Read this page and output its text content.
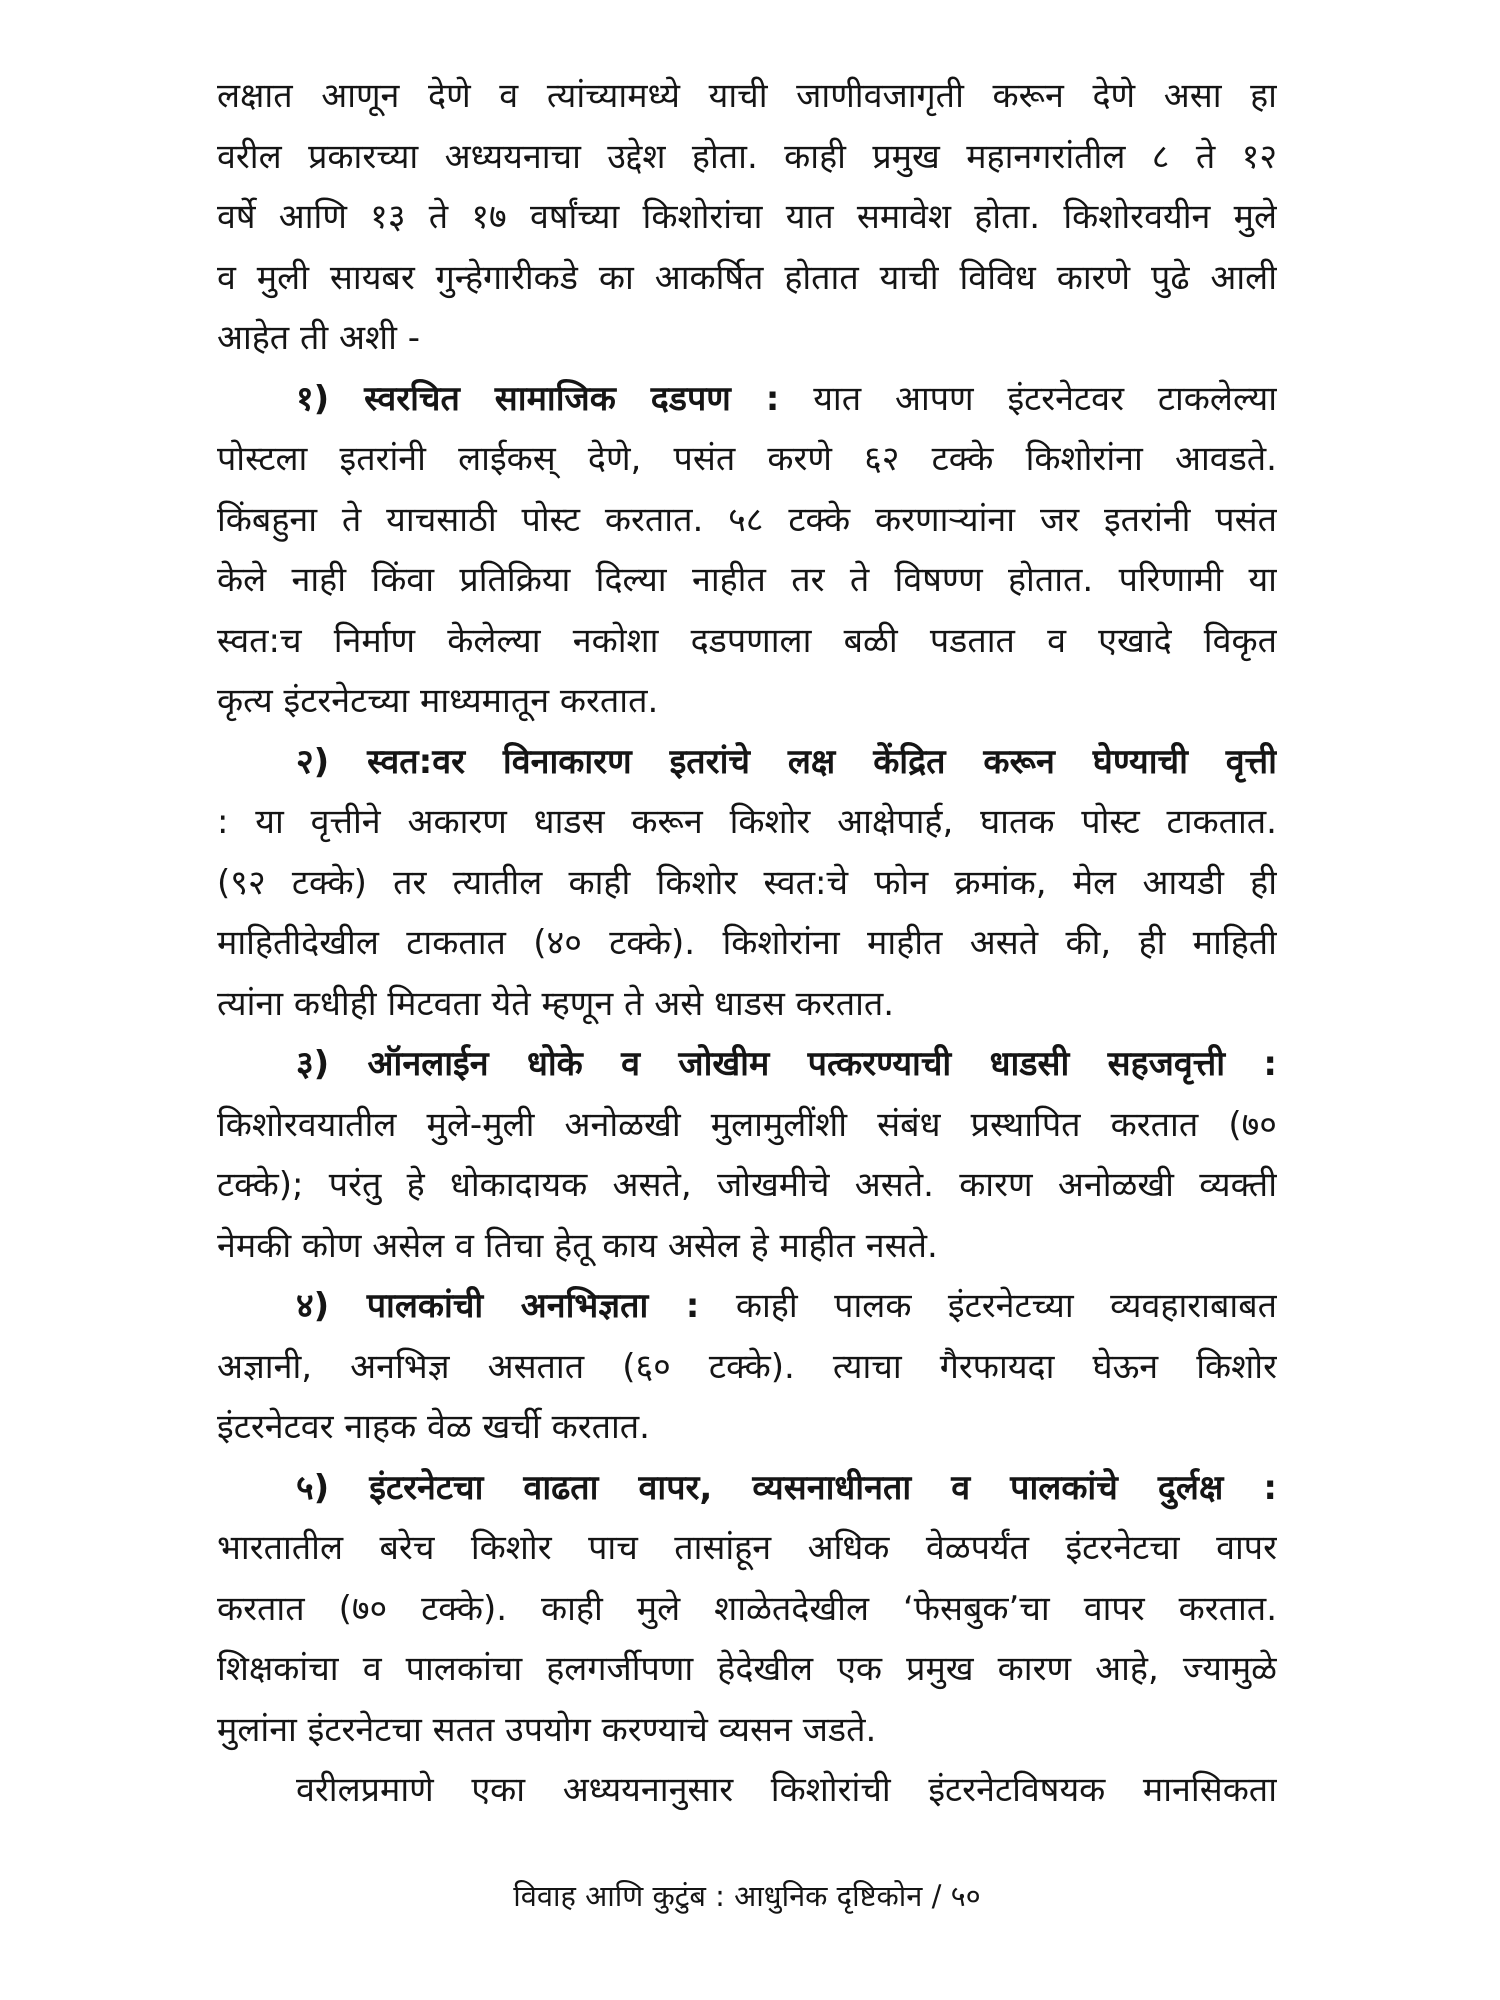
लक्षात आणून देणे व त्यांच्यामध्ये याची जाणीवजागृती करून देणे असा हा
वरील प्रकारच्या अध्ययनाचा उद्देश होता. काही प्रमुख महानगरांतील ८ ते १२
वर्षे आणि १३ ते १७ वर्षांच्या किशोरांचा यात समावेश होता. किशोरवयीन मुले
व मुली सायबर गुन्हेगारीकडे का आकर्षित होतात याची विविध कारणे पुढे आली
आहेत ती अशी -
१) स्वरचित सामाजिक दडपण : यात आपण इंटरनेटवर टाकलेल्या
पोस्टला इतरांनी लाईकस् देणे, पसंत करणे ६२ टक्के किशोरांना आवडते.
किंबहुना ते याचसाठी पोस्ट करतात. ५८ टक्के करणाऱ्यांना जर इतरांनी पसंत
केले नाही किंवा प्रतिक्रिया दिल्या नाहीत तर ते विषण्ण होतात. परिणामी या
स्वत:च निर्माण केलेल्या नकोशा दडपणाला बळी पडतात व एखादे विकृत
कृत्य इंटरनेटच्या माध्यमातून करतात.
२) स्वत:वर विनाकारण इतरांचे लक्ष केंद्रित करून घेण्याची वृत्ती
: या वृत्तीने अकारण धाडस करून किशोर आक्षेपार्ह, घातक पोस्ट टाकतात.
(९२ टक्के) तर त्यातील काही किशोर स्वत:चे फोन क्रमांक, मेल आयडी ही
माहितीदेखील टाकतात (४० टक्के). किशोरांना माहीत असते की, ही माहिती
त्यांना कधीही मिटवता येते म्हणून ते असे धाडस करतात.
३) ऑनलाईन धोके व जोखीम पत्करण्याची धाडसी सहजवृत्ती :
किशोरवयातील मुले-मुली अनोळखी मुलामुलींशी संबंध प्रस्थापित करतात (७०
टक्के); परंतु हे धोकादायक असते, जोखमीचे असते. कारण अनोळखी व्यक्ती
नेमकी कोण असेल व तिचा हेतू काय असेल हे माहीत नसते.
४) पालकांची अनभिज्ञता : काही पालक इंटरनेटच्या व्यवहाराबाबत
अज्ञानी, अनभिज्ञ असतात (६० टक्के). त्याचा गैरफायदा घेऊन किशोर
इंटरनेटवर नाहक वेळ खर्ची करतात.
५) इंटरनेटचा वाढता वापर, व्यसनाधीनता व पालकांचे दुर्लक्ष :
भारतातील बरेच किशोर पाच तासांहून अधिक वेळपर्यंत इंटरनेटचा वापर
करतात (७० टक्के). काही मुले शाळेतदेखील ‘फेसबुक’चा वापर करतात.
शिक्षकांचा व पालकांचा हलगर्जीपणा हेदेखील एक प्रमुख कारण आहे, ज्यामुळे
मुलांना इंटरनेटचा सतत उपयोग करण्याचे व्यसन जडते.
वरीलप्रमाणे एका अध्ययनानुसार किशोरांची इंटरनेटविषयक मानसिकता
विवाह आणि कुटुंब : आधुनिक दृष्टिकोन / ५०
